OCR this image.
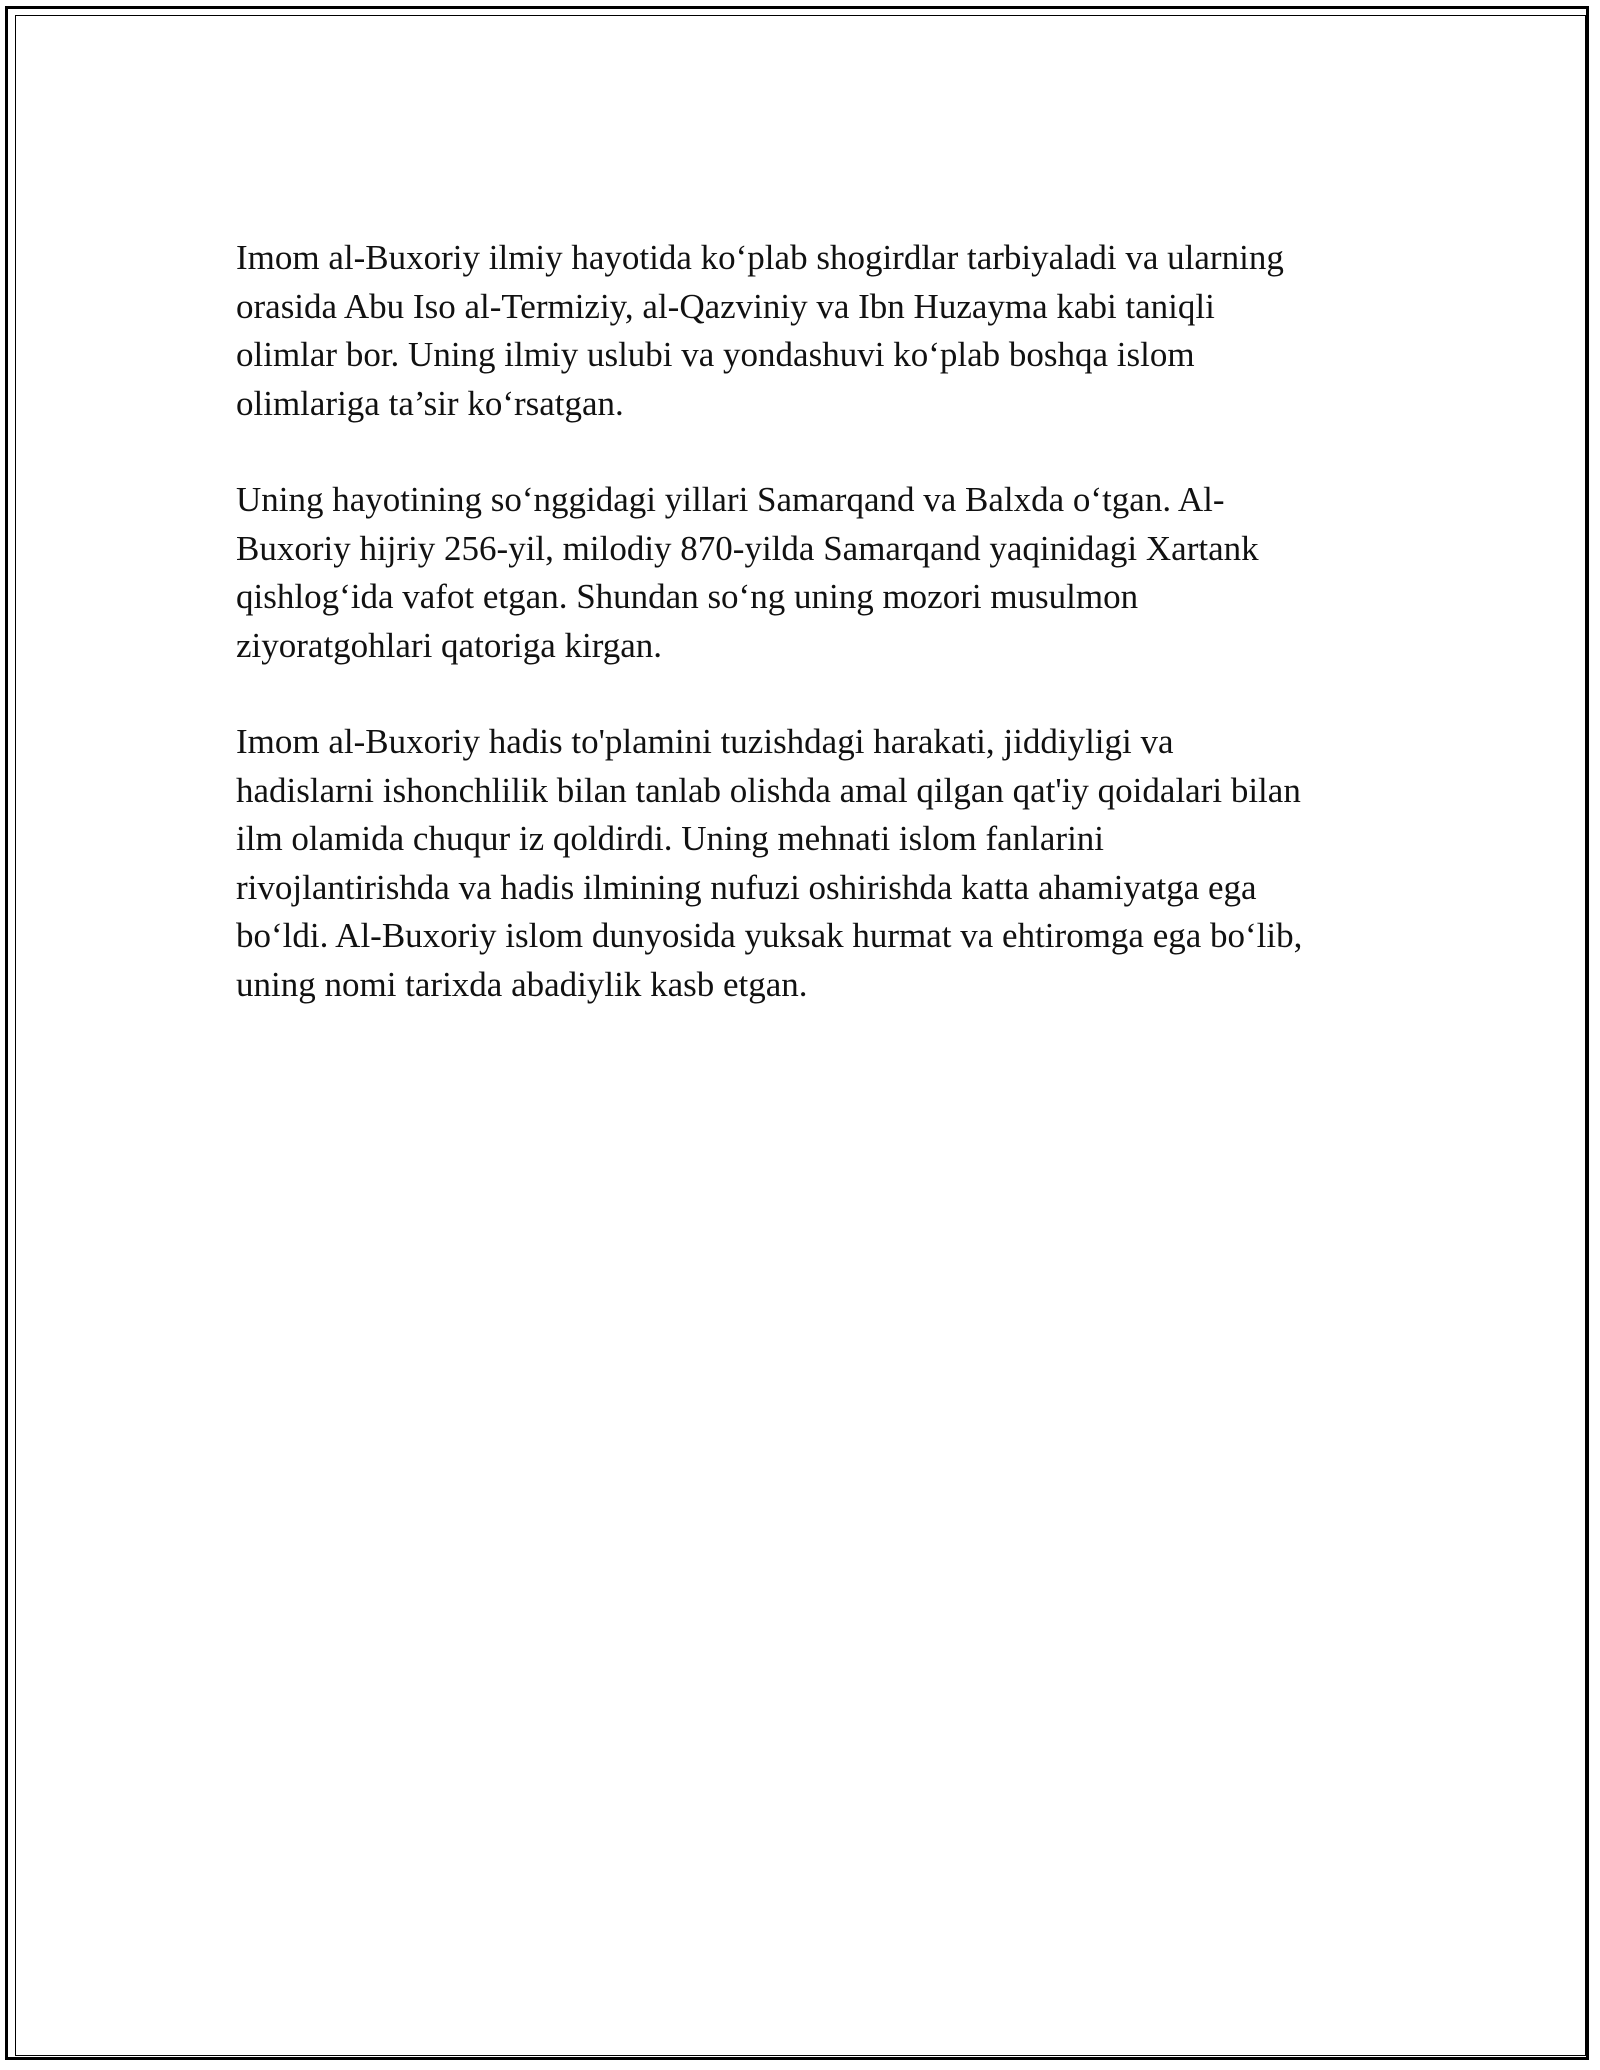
Imom al-Buxoriy ilmiy hayotida ko‘plab shogirdlar tarbiyaladi va ularning
orasida Abu Iso al-Termiziy, al-Qazviniy va Ibn Huzayma kabi taniqli
olimlar bor. Uning ilmiy uslubi va yondashuvi ko‘plab boshqa islom
olimlariga ta’sir ko‘rsatgan.

Uning hayotining so‘nggidagi yillari Samarqand va Balxda o‘tgan. Al-
Buxoriy hijriy 256-yil, milodiy 870-yilda Samarqand yaqinidagi Xartank
qishlog‘ida vafot etgan. Shundan so‘ng uning mozori musulmon
ziyoratgohlari qatoriga kirgan.

Imom al-Buxoriy hadis to'plamini tuzishdagi harakati, jiddiyligi va
hadislarni ishonchlilik bilan tanlab olishda amal qilgan qat'iy qoidalari bilan
ilm olamida chuqur iz qoldirdi. Uning mehnati islom fanlarini
rivojlantirishda va hadis ilmining nufuzi oshirishda katta ahamiyatga ega
bo‘ldi. Al-Buxoriy islom dunyosida yuksak hurmat va ehtiromga ega bo‘lib,
uning nomi tarixda abadiylik kasb etgan.
